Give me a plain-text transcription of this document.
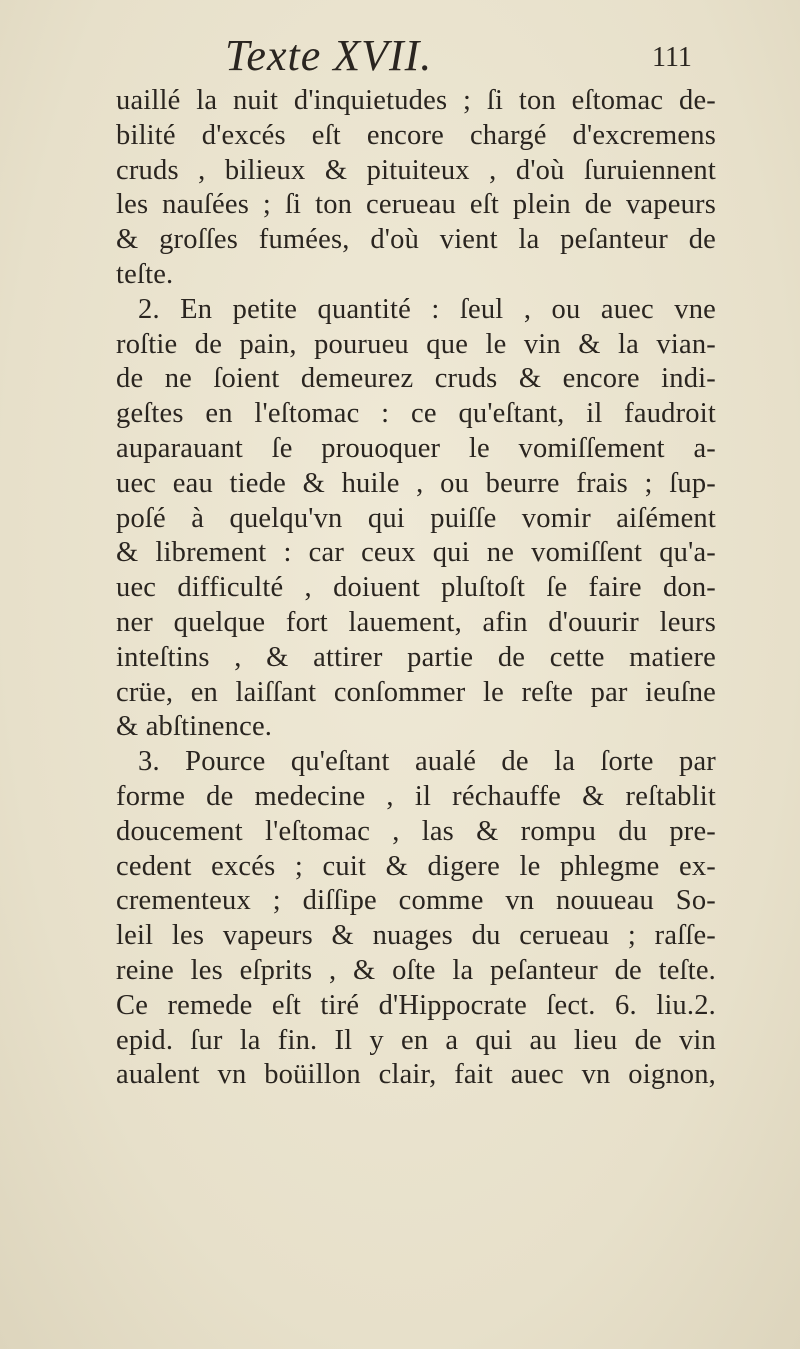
Texte XVII.	111
uaillé la nuit d'inquietudes ; ſi ton eſtomac de-
bilité d'excés eſt encore chargé d'excremens
cruds , bilieux & pituiteux , d'où ſuruiennent
les nauſées ; ſi ton cerueau eſt plein de vapeurs
& groſſes fumées, d'où vient la peſanteur de
teſte.
2. En petite quantité : ſeul , ou auec vne
roſtie de pain, pourueu que le vin & la vian-
de ne ſoient demeurez cruds & encore indi-
geſtes en l'eſtomac : ce qu'eſtant, il faudroit
auparauant ſe prouoquer le vomiſſement a-
uec eau tiede & huile , ou beurre frais ; ſup-
poſé à quelqu'vn qui puiſſe vomir aiſément
& librement : car ceux qui ne vomiſſent qu'a-
uec difficulté , doiuent pluſtoſt ſe faire don-
ner quelque fort lauement, afin d'ouurir leurs
inteſtins , & attirer partie de cette matiere
crüe, en laiſſant conſommer le reſte par ieuſne
& abſtinence.
3. Pource qu'eſtant aualé de la ſorte par
forme de medecine , il réchauffe & reſtablit
doucement l'eſtomac , las & rompu du pre-
cedent excés ; cuit & digere le phlegme ex-
crementeux ; diſſipe comme vn nouueau So-
leil les vapeurs & nuages du cerueau ; raſſe-
reine les eſprits , & oſte la peſanteur de teſte.
Ce remede eſt tiré d'Hippocrate ſect. 6. liu.2.
epid. ſur la fin. Il y en a qui au lieu de vin
aualent vn boüillon clair, fait auec vn oignon,
